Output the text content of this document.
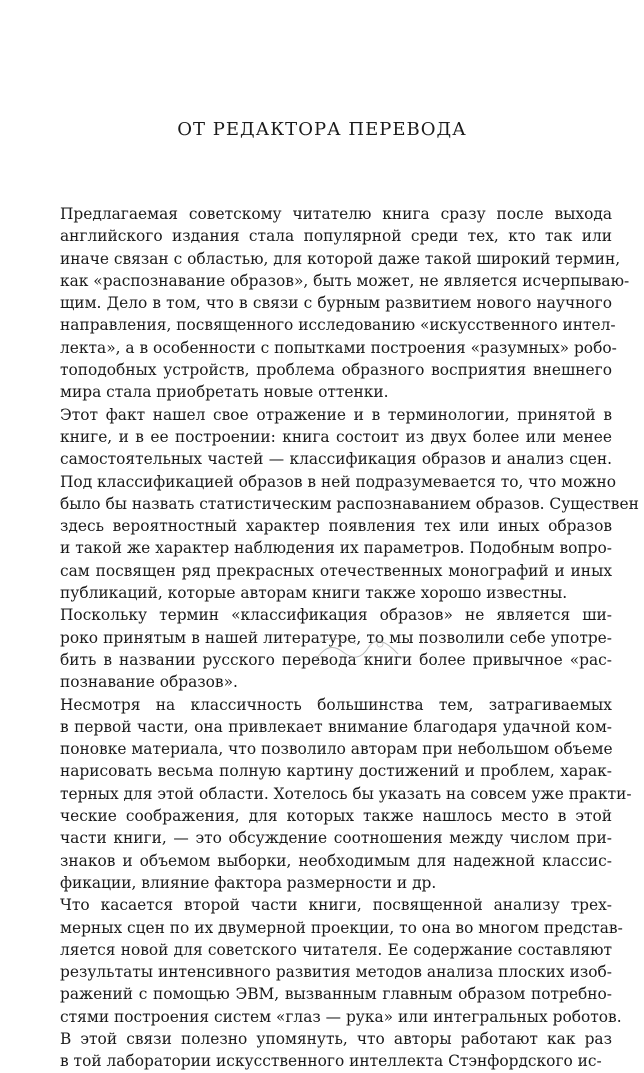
ОТ РЕДАКТОРА ПЕРЕВОДА

Предлагаемая советскому читателю книга сразу после выхода
английского издания стала популярной среди тех, кто так или
иначе связан с областью, для которой даже такой широкий термин,
как «распознавание образов», быть может, не является исчерпываю-
щим. Дело в том, что в связи с бурным развитием нового научного
направления, посвященного исследованию «искусственного интел-
лекта», а в особенности с попытками построения «разумных» робо-
топодобных устройств, проблема образного восприятия внешнего
мира стала приобретать новые оттенки.

Этот факт нашел свое отражение и в терминологии, принятой в
книге, и в ее построении: книга состоит из двух более или менее
самостоятельных частей — классификация образов и анализ сцен.
Под классификацией образов в ней подразумевается то, что можно
было бы назвать статистическим распознаванием образов. Существен
здесь вероятностный характер появления тех или иных образов
и такой же характер наблюдения их параметров. Подобным вопро-
сам посвящен ряд прекрасных отечественных монографий и иных
публикаций, которые авторам книги также хорошо известны.

Поскольку термин «классификация образов» не является ши-
роко принятым в нашей литературе, то мы позволили себе употре-
бить в названии русского перевода книги более привычное «рас-
познавание образов».

Несмотря на классичность большинства тем, затрагиваемых
в первой части, она привлекает внимание благодаря удачной ком-
поновке материала, что позволило авторам при небольшом объеме
нарисовать весьма полную картину достижений и проблем, харак-
терных для этой области. Хотелось бы указать на совсем уже практи-
ческие соображения, для которых также нашлось место в этой
части книги, — это обсуждение соотношения между числом при-
знаков и объемом выборки, необходимым для надежной классис-
фикации, влияние фактора размерности и др.

Что касается второй части книги, посвященной анализу трех-
мерных сцен по их двумерной проекции, то она во многом представ-
ляется новой для советского читателя. Ее содержание составляют
результаты интенсивного развития методов анализа плоских изоб-
ражений с помощью ЭВМ, вызванным главным образом потребно-
стями построения систем «глаз — рука» или интегральных роботов.

В этой связи полезно упомянуть, что авторы работают как раз
в той лаборатории искусственного интеллекта Стэнфордского ис-
